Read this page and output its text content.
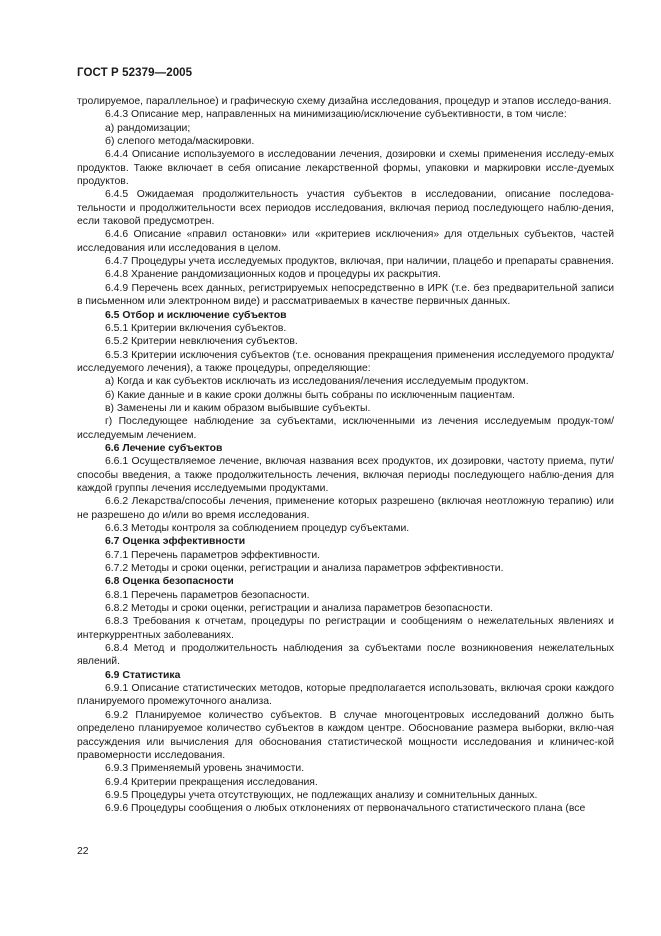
ГОСТ Р 52379—2005

тролируемое, параллельное) и графическую схему дизайна исследования, процедур и этапов исследо-вания.

6.4.3 Описание мер, направленных на минимизацию/исключение субъективности, в том числе:

а) рандомизации;

б) слепого метода/маскировки.

6.4.4 Описание используемого в исследовании лечения, дозировки и схемы применения исследу-емых продуктов. Также включает в себя описание лекарственной формы, упаковки и маркировки иссле-дуемых продуктов.

6.4.5 Ожидаемая продолжительность участия субъектов в исследовании, описание последова-тельности и продолжительности всех периодов исследования, включая период последующего наблю-дения, если таковой предусмотрен.

6.4.6 Описание «правил остановки» или «критериев исключения» для отдельных субъектов, частей исследования или исследования в целом.

6.4.7 Процедуры учета исследуемых продуктов, включая, при наличии, плацебо и препараты сравнения.

6.4.8 Хранение рандомизационных кодов и процедуры их раскрытия.

6.4.9 Перечень всех данных, регистрируемых непосредственно в ИРК (т.е. без предварительной записи в письменном или электронном виде) и рассматриваемых в качестве первичных данных.

6.5 Отбор и исключение субъектов

6.5.1 Критерии включения субъектов.

6.5.2 Критерии невключения субъектов.

6.5.3 Критерии исключения субъектов (т.е. основания прекращения применения исследуемого продукта/исследуемого лечения), а также процедуры, определяющие:

а) Когда и как субъектов исключать из исследования/лечения исследуемым продуктом.

б) Какие данные и в какие сроки должны быть собраны по исключенным пациентам.

в) Заменены ли и каким образом выбывшие субъекты.

г) Последующее наблюдение за субъектами, исключенными из лечения исследуемым продук-том/исследуемым лечением.

6.6 Лечение субъектов

6.6.1 Осуществляемое лечение, включая названия всех продуктов, их дозировки, частоту приема, пути/способы введения, а также продолжительность лечения, включая периоды последующего наблю-дения для каждой группы лечения исследуемыми продуктами.

6.6.2 Лекарства/способы лечения, применение которых разрешено (включая неотложную терапию) или не разрешено до и/или во время исследования.

6.6.3 Методы контроля за соблюдением процедур субъектами.

6.7 Оценка эффективности

6.7.1 Перечень параметров эффективности.

6.7.2 Методы и сроки оценки, регистрации и анализа параметров эффективности.

6.8 Оценка безопасности

6.8.1 Перечень параметров безопасности.

6.8.2 Методы и сроки оценки, регистрации и анализа параметров безопасности.

6.8.3 Требования к отчетам, процедуры по регистрации и сообщениям о нежелательных явлениях и интеркуррентных заболеваниях.

6.8.4 Метод и продолжительность наблюдения за субъектами после возникновения нежелательных явлений.

6.9 Статистика

6.9.1 Описание статистических методов, которые предполагается использовать, включая сроки каждого планируемого промежуточного анализа.

6.9.2 Планируемое количество субъектов. В случае многоцентровых исследований должно быть определено планируемое количество субъектов в каждом центре. Обоснование размера выборки, вклю-чая рассуждения или вычисления для обоснования статистической мощности исследования и клиничес-кой правомерности исследования.

6.9.3 Применяемый уровень значимости.

6.9.4 Критерии прекращения исследования.

6.9.5 Процедуры учета отсутствующих, не подлежащих анализу и сомнительных данных.

6.9.6 Процедуры сообщения о любых отклонениях от первоначального статистического плана (все

22
